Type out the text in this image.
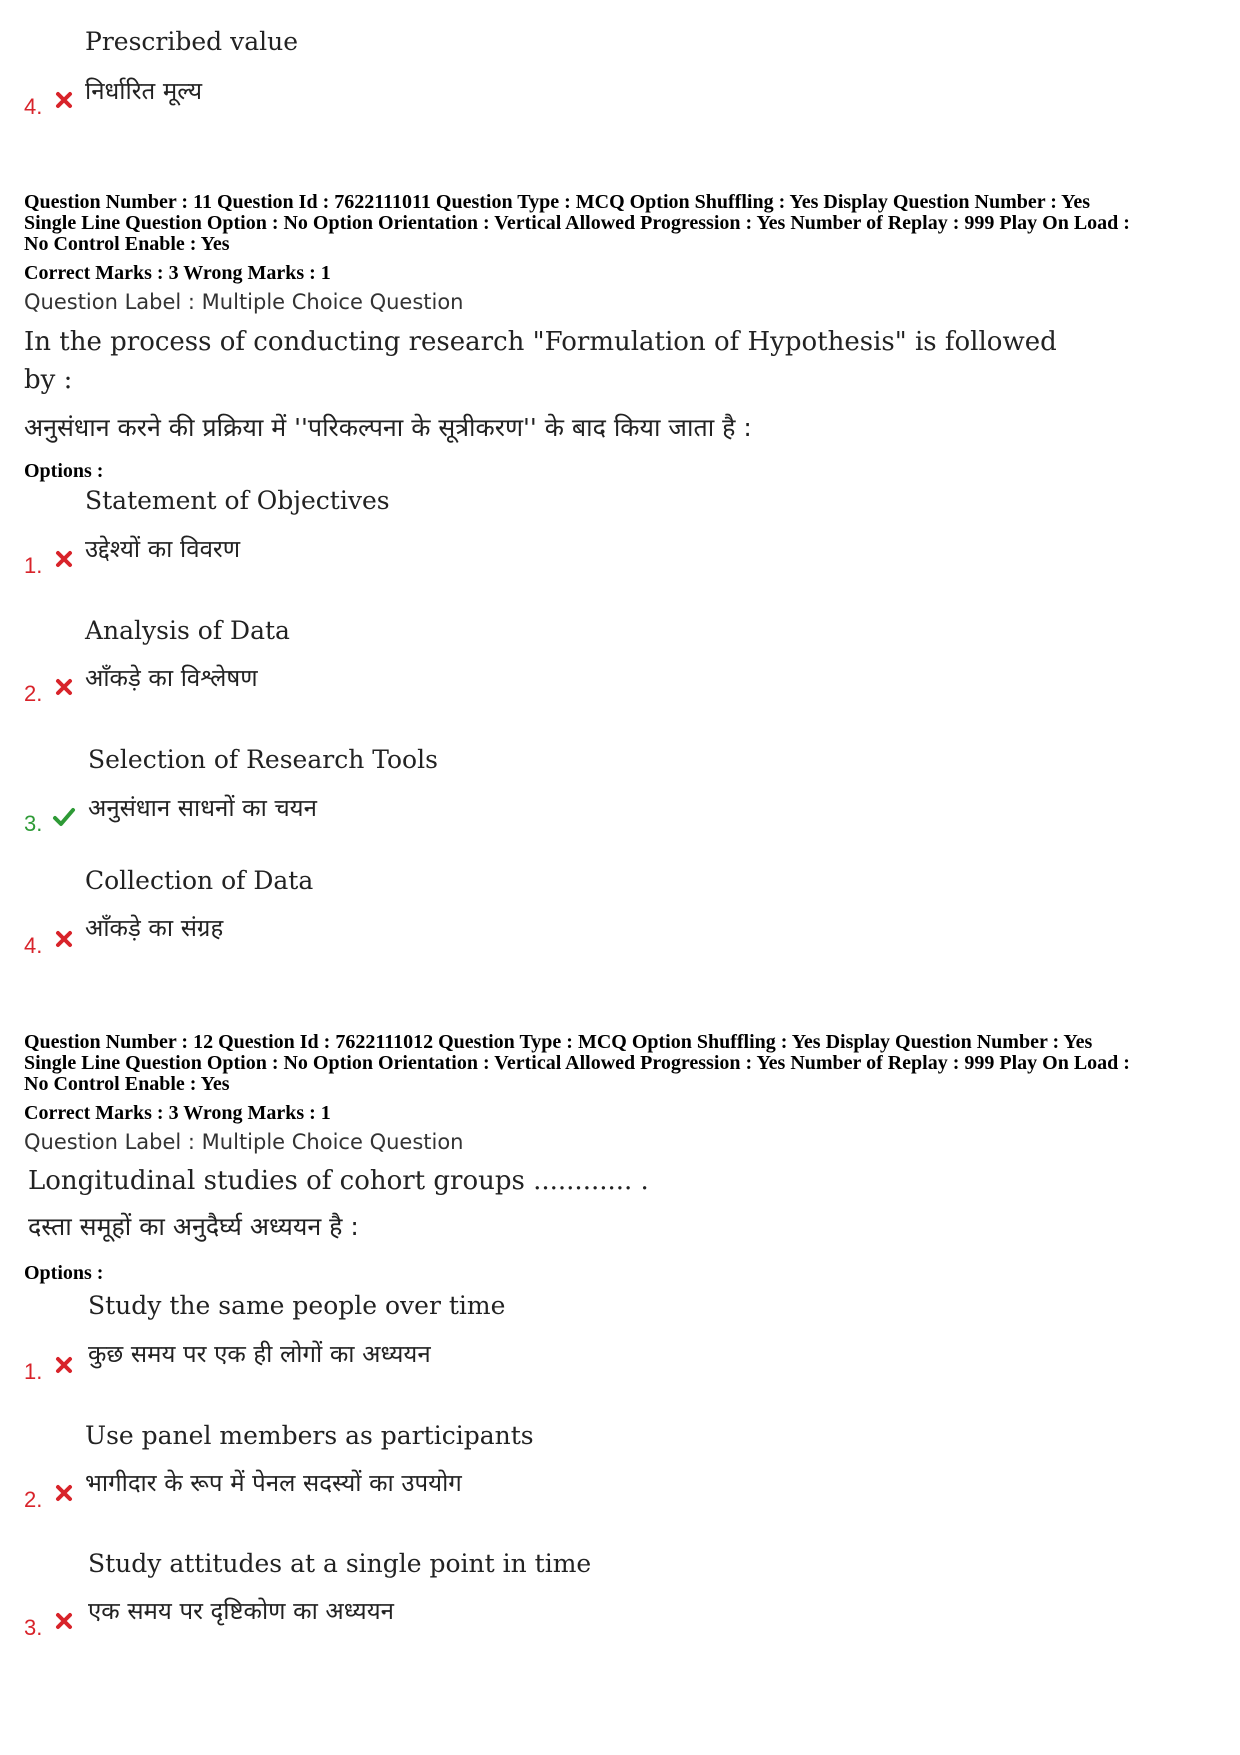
Prescribed value
निर्धारित मूल्य
4.
Question Number : 11 Question Id : 7622111011 Question Type : MCQ Option Shuffling : Yes Display Question Number : Yes
Single Line Question Option : No Option Orientation : Vertical Allowed Progression : Yes Number of Replay : 999 Play On Load :
No Control Enable : Yes
Correct Marks : 3 Wrong Marks : 1
Question Label : Multiple Choice Question
In the process of conducting research "Formulation of Hypothesis" is followed by :
अनुसंधान करने की प्रक्रिया में ''परिकल्पना के सूत्रीकरण'' के बाद किया जाता है :
Options :
Statement of Objectives
उद्देश्यों का विवरण
1.
Analysis of Data
आँकड़े का विश्लेषण
2.
Selection of Research Tools
अनुसंधान साधनों का चयन
3.
Collection of Data
आँकड़े का संग्रह
4.
Question Number : 12 Question Id : 7622111012 Question Type : MCQ Option Shuffling : Yes Display Question Number : Yes
Single Line Question Option : No Option Orientation : Vertical Allowed Progression : Yes Number of Replay : 999 Play On Load :
No Control Enable : Yes
Correct Marks : 3 Wrong Marks : 1
Question Label : Multiple Choice Question
Longitudinal studies of cohort groups ............ .
दस्ता समूहों का अनुदैर्घ्य अध्ययन है :
Options :
Study the same people over time
कुछ समय पर एक ही लोगों का अध्ययन
1.
Use panel members as participants
भागीदार के रूप में पेनल सदस्यों का उपयोग
2.
Study attitudes at a single point in time
एक समय पर दृष्टिकोण का अध्ययन
3.
